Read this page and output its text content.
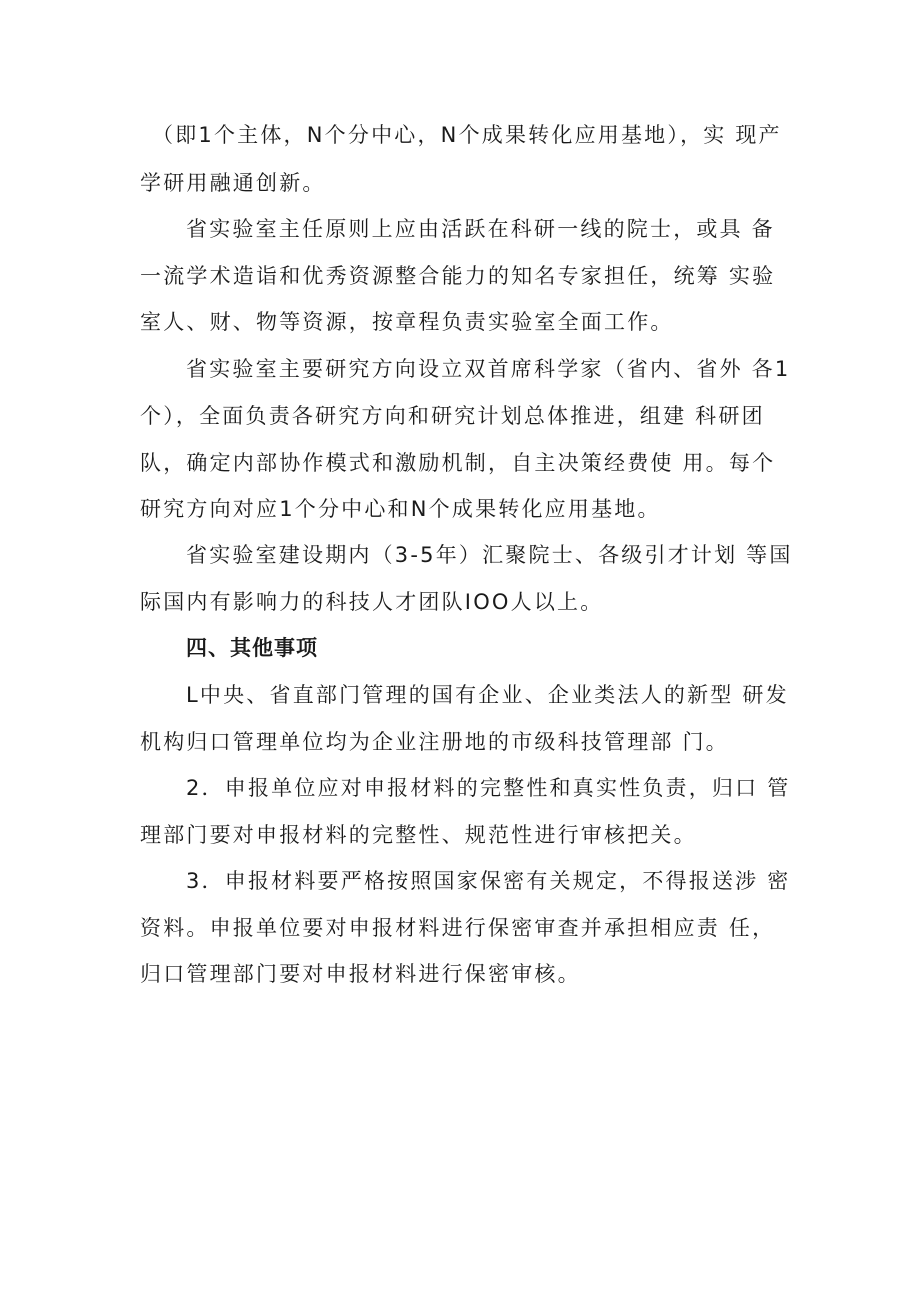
（即1个主体，N个分中心，N个成果转化应用基地），实 现产
学研用融通创新。
省实验室主任原则上应由活跃在科研一线的院士，或具 备
一流学术造诣和优秀资源整合能力的知名专家担任，统筹 实验
室人、财、物等资源，按章程负责实验室全面工作。
省实验室主要研究方向设立双首席科学家（省内、省外 各1
个），全面负责各研究方向和研究计划总体推进，组建 科研团
队，确定内部协作模式和激励机制，自主决策经费使 用。每个
研究方向对应1个分中心和N个成果转化应用基地。
省实验室建设期内（3-5年）汇聚院士、各级引才计划 等国
际国内有影响力的科技人才团队IOO人以上。
四、其他事项
L中央、省直部门管理的国有企业、企业类法人的新型 研发
机构归口管理单位均为企业注册地的市级科技管理部 门。
2．申报单位应对申报材料的完整性和真实性负责，归口 管
理部门要对申报材料的完整性、规范性进行审核把关。
3．申报材料要严格按照国家保密有关规定，不得报送涉 密
资料。申报单位要对申报材料进行保密审查并承担相应责 任，
归口管理部门要对申报材料进行保密审核。
